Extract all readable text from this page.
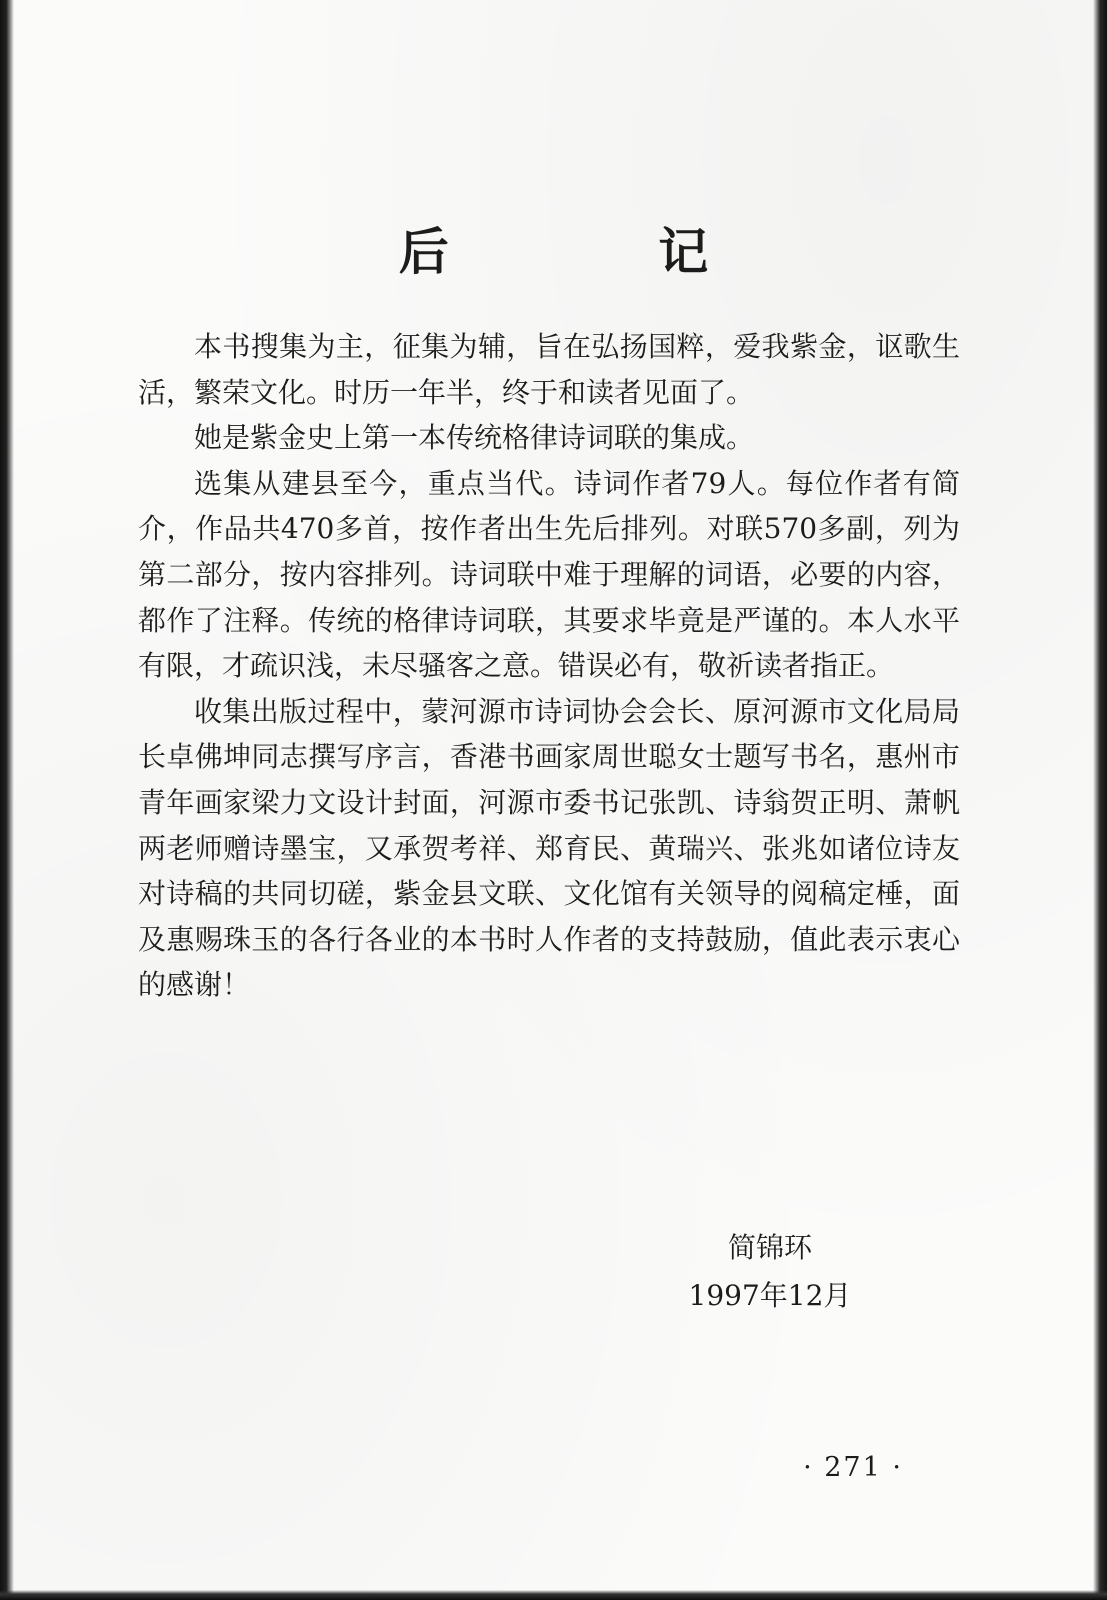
后 记

本书搜集为主，征集为辅，旨在弘扬国粹，爱我紫金，讴歌生活，繁荣文化。时历一年半，终于和读者见面了。

她是紫金史上第一本传统格律诗词联的集成。

选集从建县至今，重点当代。诗词作者79人。每位作者有简介，作品共470多首，按作者出生先后排列。对联570多副，列为第二部分，按内容排列。诗词联中难于理解的词语，必要的内容，都作了注释。传统的格律诗词联，其要求毕竟是严谨的。本人水平有限，才疏识浅，未尽骚客之意。错误必有，敬祈读者指正。

收集出版过程中，蒙河源市诗词协会会长、原河源市文化局局长卓佛坤同志撰写序言，香港书画家周世聪女士题写书名，惠州市青年画家梁力文设计封面，河源市委书记张凯、诗翁贺正明、萧帆两老师赠诗墨宝，又承贺考祥、郑育民、黄瑞兴、张兆如诸位诗友对诗稿的共同切磋，紫金县文联、文化馆有关领导的阅稿定棰，面及惠赐珠玉的各行各业的本书时人作者的支持鼓励，值此表示衷心的感谢！

简锦环
1997年12月
· 271 ·
